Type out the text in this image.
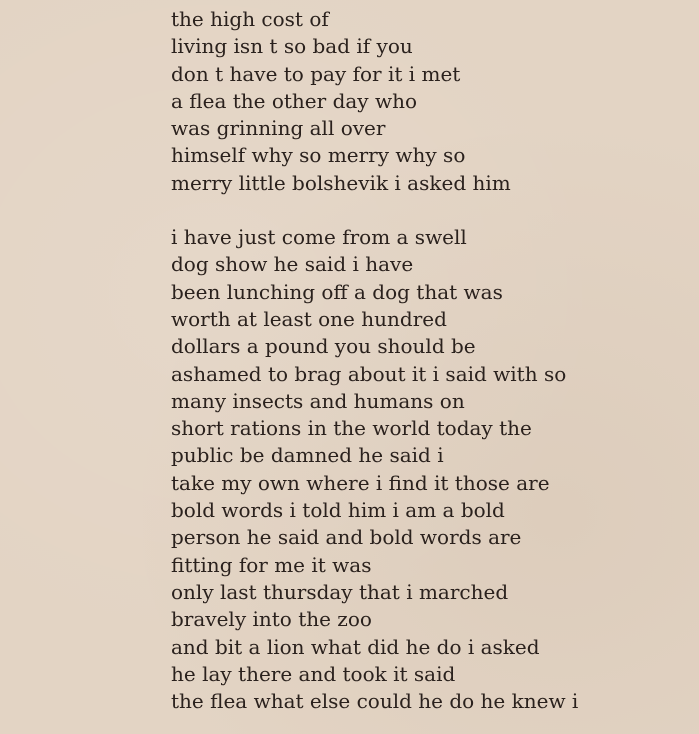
the high cost of
living isn t so bad if you
don t have to pay for it i met
a flea the other day who
was grinning all over
himself why so merry why so
merry little bolshevik i asked him
i have just come from a swell
dog show he said i have
been lunching off a dog that was
worth at least one hundred
dollars a pound you should be
ashamed to brag about it i said with so
many insects and humans on
short rations in the world today the
public be damned he said i
take my own where i find it those are
bold words i told him i am a bold
person he said and bold words are
fitting for me it was
only last thursday that i marched
bravely into the zoo
and bit a lion what did he do i asked
he lay there and took it said
the flea what else could he do he knew i
